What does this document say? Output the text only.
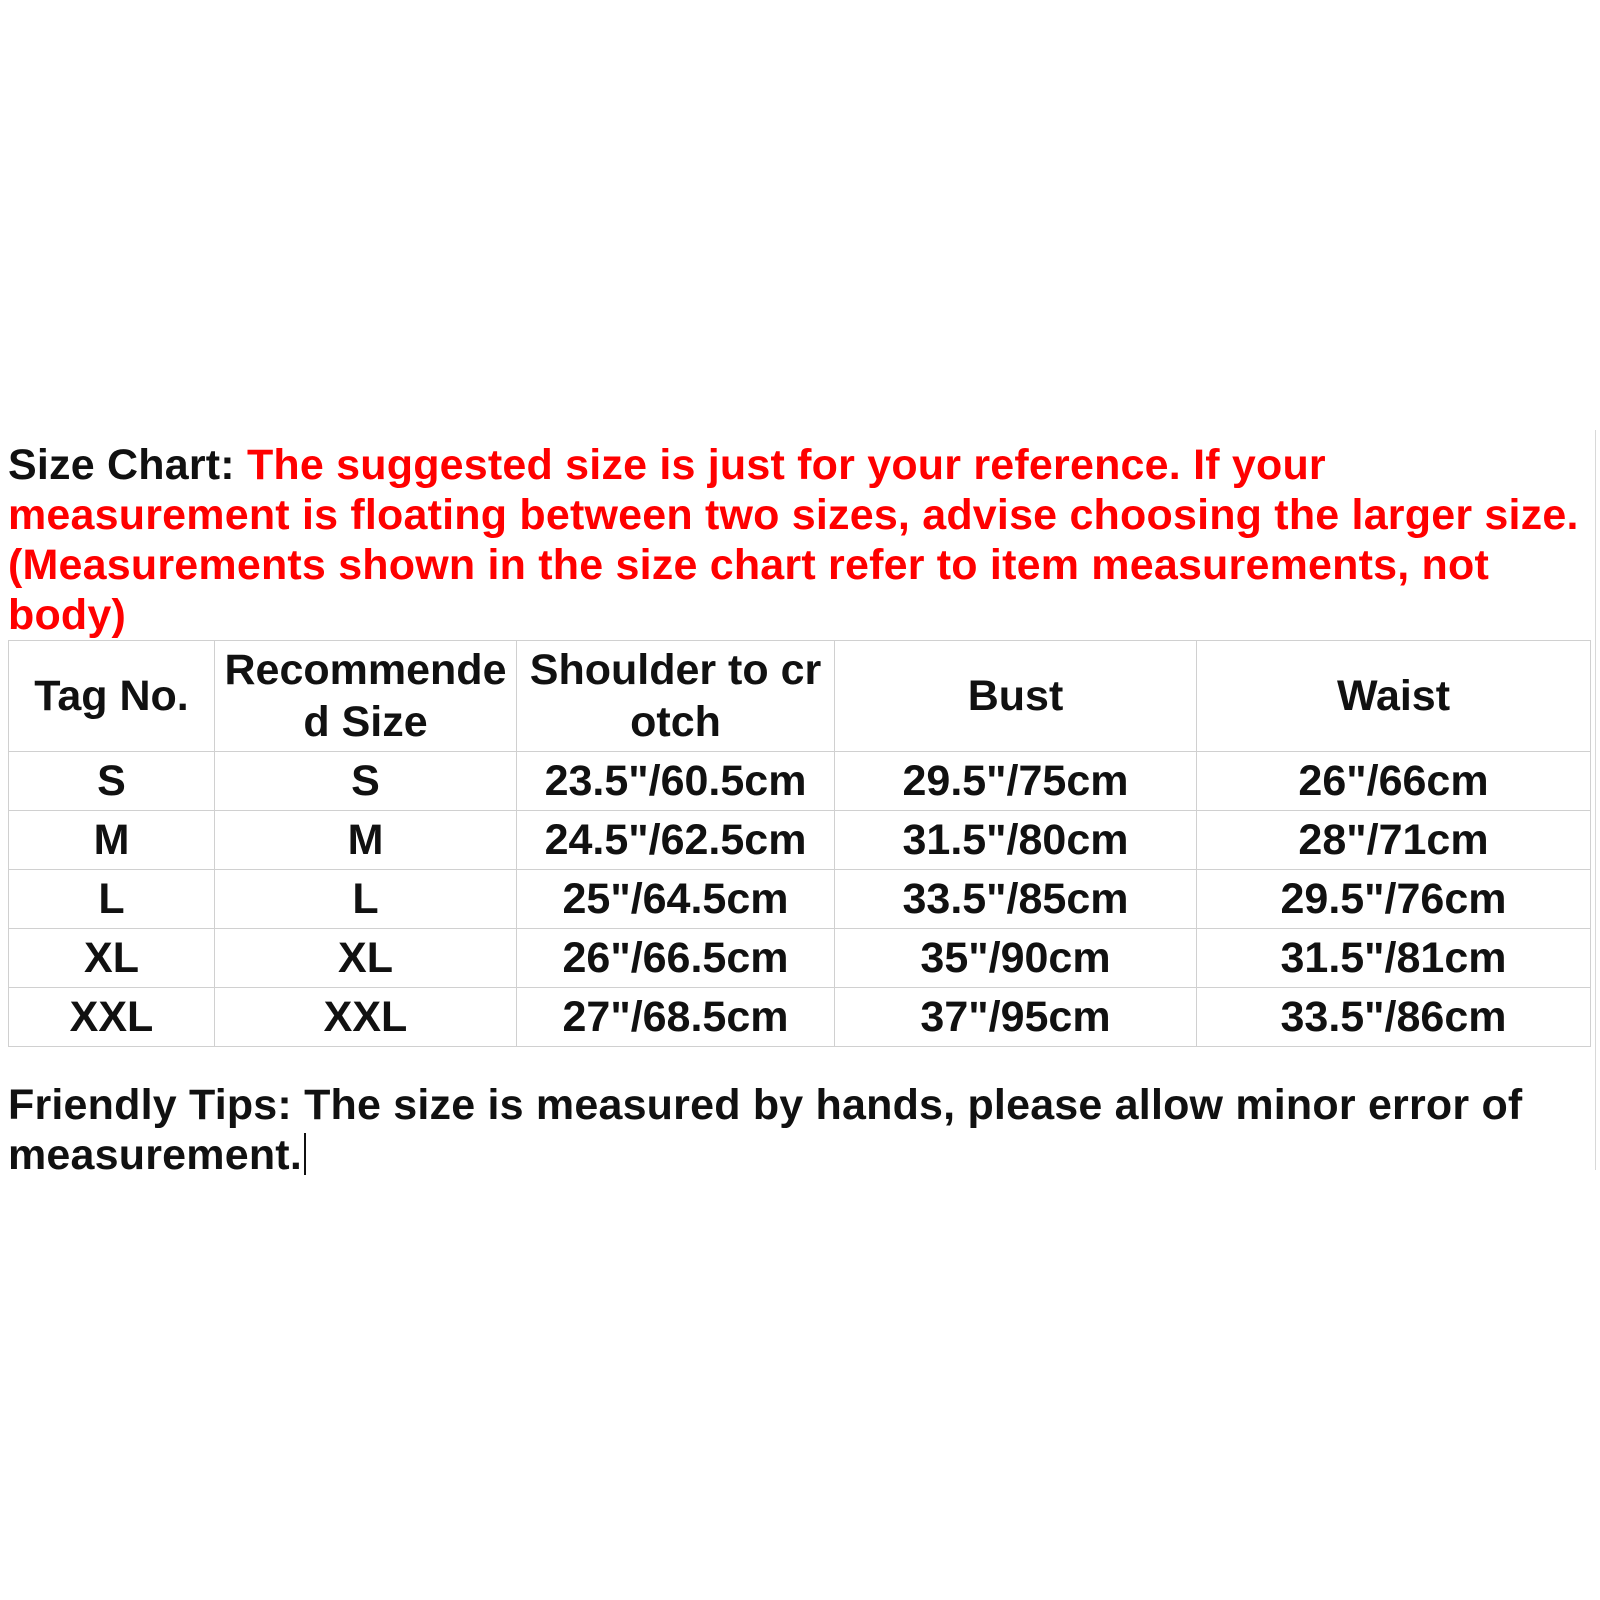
Size Chart: The suggested size is just for your reference. If your measurement is floating between two sizes, advise choosing the larger size. (Measurements shown in the size chart refer to item measurements, not body)
Tag No.	Recommended Size	Shoulder to crotch	Bust	Waist
S	S	23.5"/60.5cm	29.5"/75cm	26"/66cm
M	M	24.5"/62.5cm	31.5"/80cm	28"/71cm
L	L	25"/64.5cm	33.5"/85cm	29.5"/76cm
XL	XL	26"/66.5cm	35"/90cm	31.5"/81cm
XXL	XXL	27"/68.5cm	37"/95cm	33.5"/86cm
Friendly Tips: The size is measured by hands, please allow minor error of measurement.
